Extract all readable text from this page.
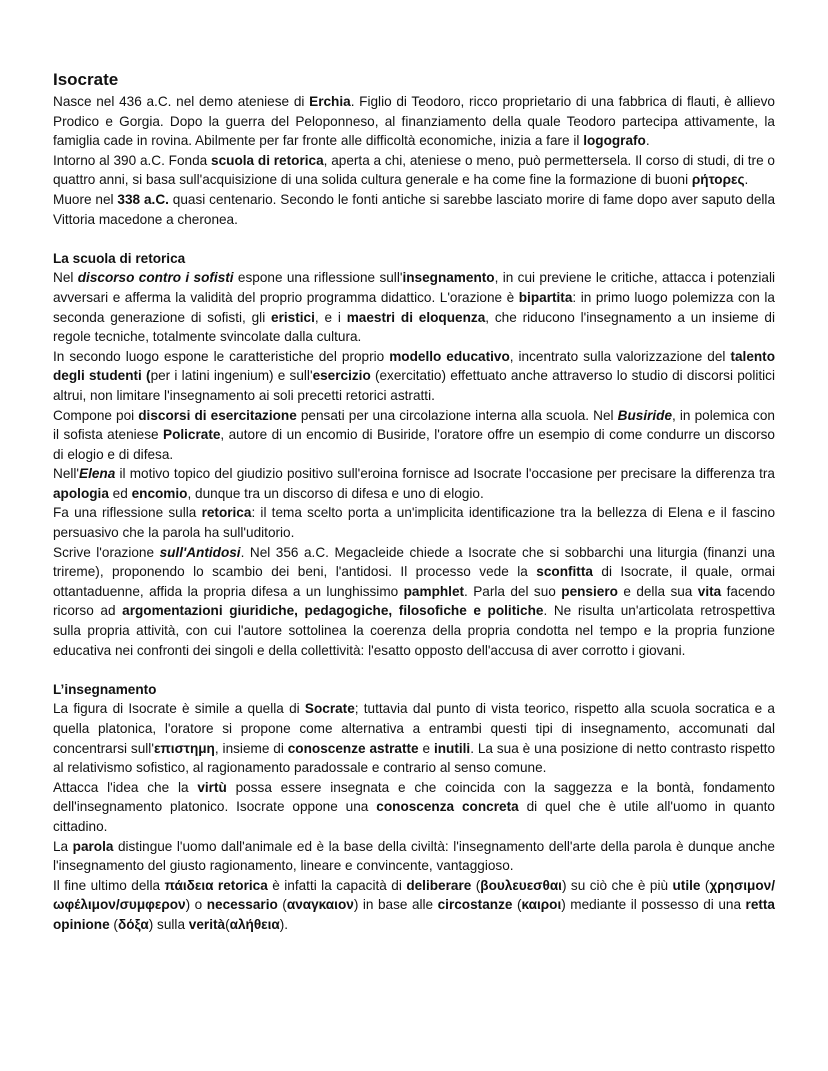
Isocrate

Nasce nel 436 a.C. nel demo ateniese di Erchia. Figlio di Teodoro, ricco proprietario di una fabbrica di flauti, è allievo Prodico e Gorgia. Dopo la guerra del Peloponneso, al finanziamento della quale Teodoro partecipa attivamente, la famiglia cade in rovina. Abilmente per far fronte alle difficoltà economiche, inizia a fare il logografo.

Intorno al 390 a.C. Fonda scuola di retorica, aperta a chi, ateniese o meno, può permettersela. Il corso di studi, di tre o quattro anni, si basa sull'acquisizione di una solida cultura generale e ha come fine la formazione di buoni ρήτορες.

Muore nel 338 a.C. quasi centenario. Secondo le fonti antiche si sarebbe lasciato morire di fame dopo aver saputo della Vittoria macedone a cheronea.

La scuola di retorica

Nel discorso contro i sofisti espone una riflessione sull'insegnamento, in cui previene le critiche, attacca i potenziali avversari e afferma la validità del proprio programma didattico. L'orazione è bipartita: in primo luogo polemizza con la seconda generazione di sofisti, gli eristici, e i maestri di eloquenza, che riducono l'insegnamento a un insieme di regole tecniche, totalmente svincolate dalla cultura.

In secondo luogo espone le caratteristiche del proprio modello educativo, incentrato sulla valorizzazione del talento degli studenti (per i latini ingenium) e sull'esercizio (exercitatio) effettuato anche attraverso lo studio di discorsi politici altrui, non limitare l'insegnamento ai soli precetti retorici astratti.

Compone poi discorsi di esercitazione pensati per una circolazione interna alla scuola. Nel Busiride, in polemica con il sofista ateniese Policrate, autore di un encomio di Busiride, l'oratore offre un esempio di come condurre un discorso di elogio e di difesa.

Nell'Elena il motivo topico del giudizio positivo sull'eroina fornisce ad Isocrate l'occasione per precisare la differenza tra apologia ed encomio, dunque tra un discorso di difesa e uno di elogio.

Fa una riflessione sulla retorica: il tema scelto porta a un'implicita identificazione tra la bellezza di Elena e il fascino persuasivo che la parola ha sull'uditorio.

Scrive l'orazione sull'Antidosi. Nel 356 a.C. Megacleide chiede a Isocrate che si sobbarchi una liturgia (finanzi una trireme), proponendo lo scambio dei beni, l'antidosi. Il processo vede la sconfitta di Isocrate, il quale, ormai ottantaduenne, affida la propria difesa a un lunghissimo pamphlet. Parla del suo pensiero e della sua vita facendo ricorso ad argomentazioni giuridiche, pedagogiche, filosofiche e politiche. Ne risulta un'articolata retrospettiva sulla propria attività, con cui l'autore sottolinea la coerenza della propria condotta nel tempo e la propria funzione educativa nei confronti dei singoli e della collettività: l'esatto opposto dell'accusa di aver corrotto i giovani.

L’insegnamento

La figura di Isocrate è simile a quella di Socrate; tuttavia dal punto di vista teorico, rispetto alla scuola socratica e a quella platonica, l'oratore si propone come alternativa a entrambi questi tipi di insegnamento, accomunati dal concentrarsi sull'επιστημη, insieme di conoscenze astratte e inutili. La sua è una posizione di netto contrasto rispetto al relativismo sofistico, al ragionamento paradossale e contrario al senso comune.

Attacca l'idea che la virtù possa essere insegnata e che coincida con la saggezza e la bontà, fondamento dell'insegnamento platonico. Isocrate oppone una conoscenza concreta di quel che è utile all'uomo in quanto cittadino.

La parola distingue l'uomo dall'animale ed è la base della civiltà: l'insegnamento dell'arte della parola è dunque anche l'insegnamento del giusto ragionamento, lineare e convincente, vantaggioso.

Il fine ultimo della πάιδεια retorica è infatti la capacità di deliberare (βουλευεσθαι) su ciò che è più utile (χρησιμον/ωφέλιμον/συμφερον) o necessario (αναγκαιον) in base alle circostanze (καιροι) mediante il possesso di una retta opinione (δόξα) sulla verità(αλήθεια).
